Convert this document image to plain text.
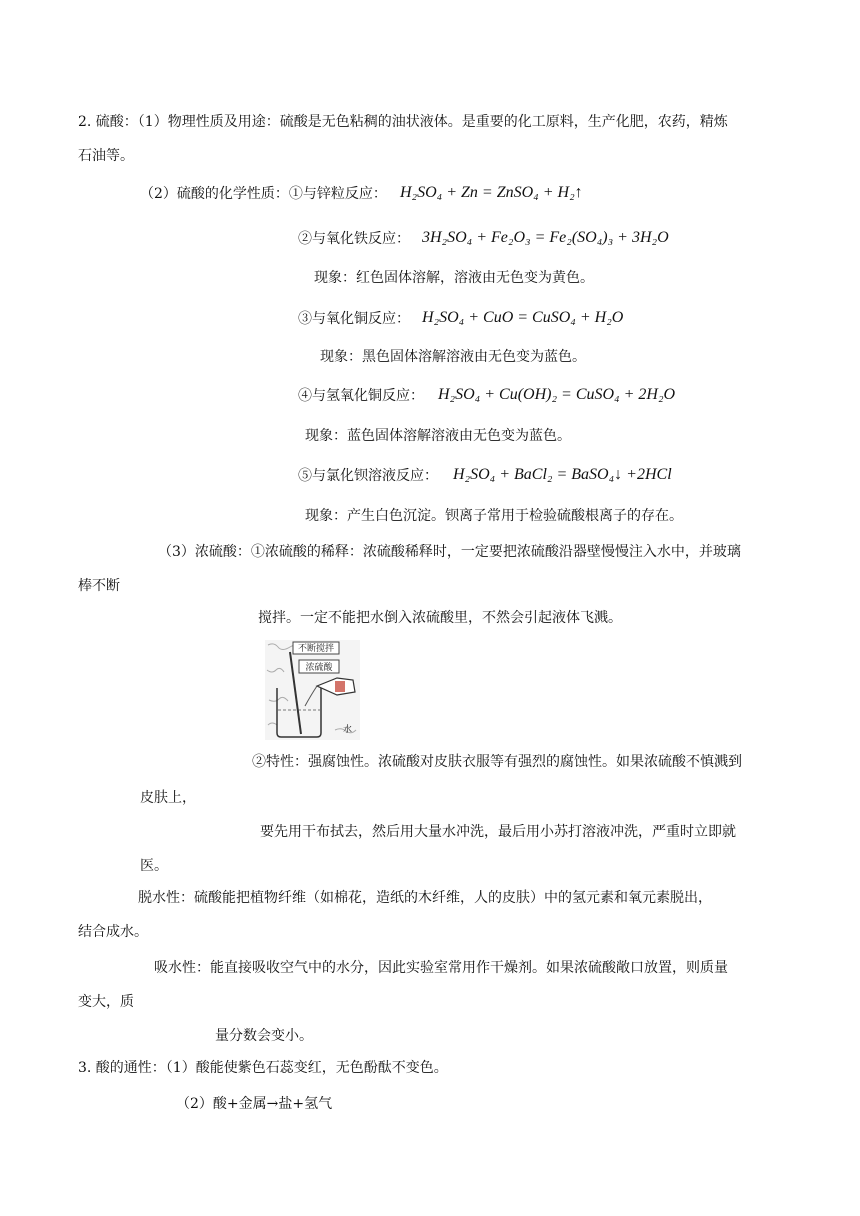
2. 硫酸：（1）物理性质及用途：硫酸是无色粘稠的油状液体。是重要的化工原料，生产化肥，农药，精炼
石油等。
（2）硫酸的化学性质：①与锌粒反应： H₂SO₄ + Zn = ZnSO₄ + H₂↑
②与氧化铁反应： 3H₂SO₄ + Fe₂O₃ = Fe₂(SO₄)₃ + 3H₂O
现象：红色固体溶解，溶液由无色变为黄色。
③与氧化铜反应： H₂SO₄ + CuO = CuSO₄ + H₂O
现象：黑色固体溶解溶液由无色变为蓝色。
④与氢氧化铜反应： H₂SO₄ + Cu(OH)₂ = CuSO₄ + 2H₂O
现象：蓝色固体溶解溶液由无色变为蓝色。
⑤与氯化钡溶液反应： H₂SO₄ + BaCl₂ = BaSO₄↓ +2HCl
现象：产生白色沉淀。钡离子常用于检验硫酸根离子的存在。
（3）浓硫酸：①浓硫酸的稀释：浓硫酸稀释时，一定要把浓硫酸沿器壁慢慢注入水中，并玻璃
棒不断
搅拌。一定不能把水倒入浓硫酸里，不然会引起液体飞溅。
不断搅拌
浓硫酸
水
②特性：强腐蚀性。浓硫酸对皮肤衣服等有强烈的腐蚀性。如果浓硫酸不慎溅到
皮肤上，
要先用干布拭去，然后用大量水冲洗，最后用小苏打溶液冲洗，严重时立即就
医。
脱水性：硫酸能把植物纤维（如棉花，造纸的木纤维，人的皮肤）中的氢元素和氧元素脱出，
结合成水。
吸水性：能直接吸收空气中的水分，因此实验室常用作干燥剂。如果浓硫酸敞口放置，则质量
变大，质
量分数会变小。
3. 酸的通性：（1）酸能使紫色石蕊变红，无色酚酞不变色。
（2）酸+金属→盐+氢气
